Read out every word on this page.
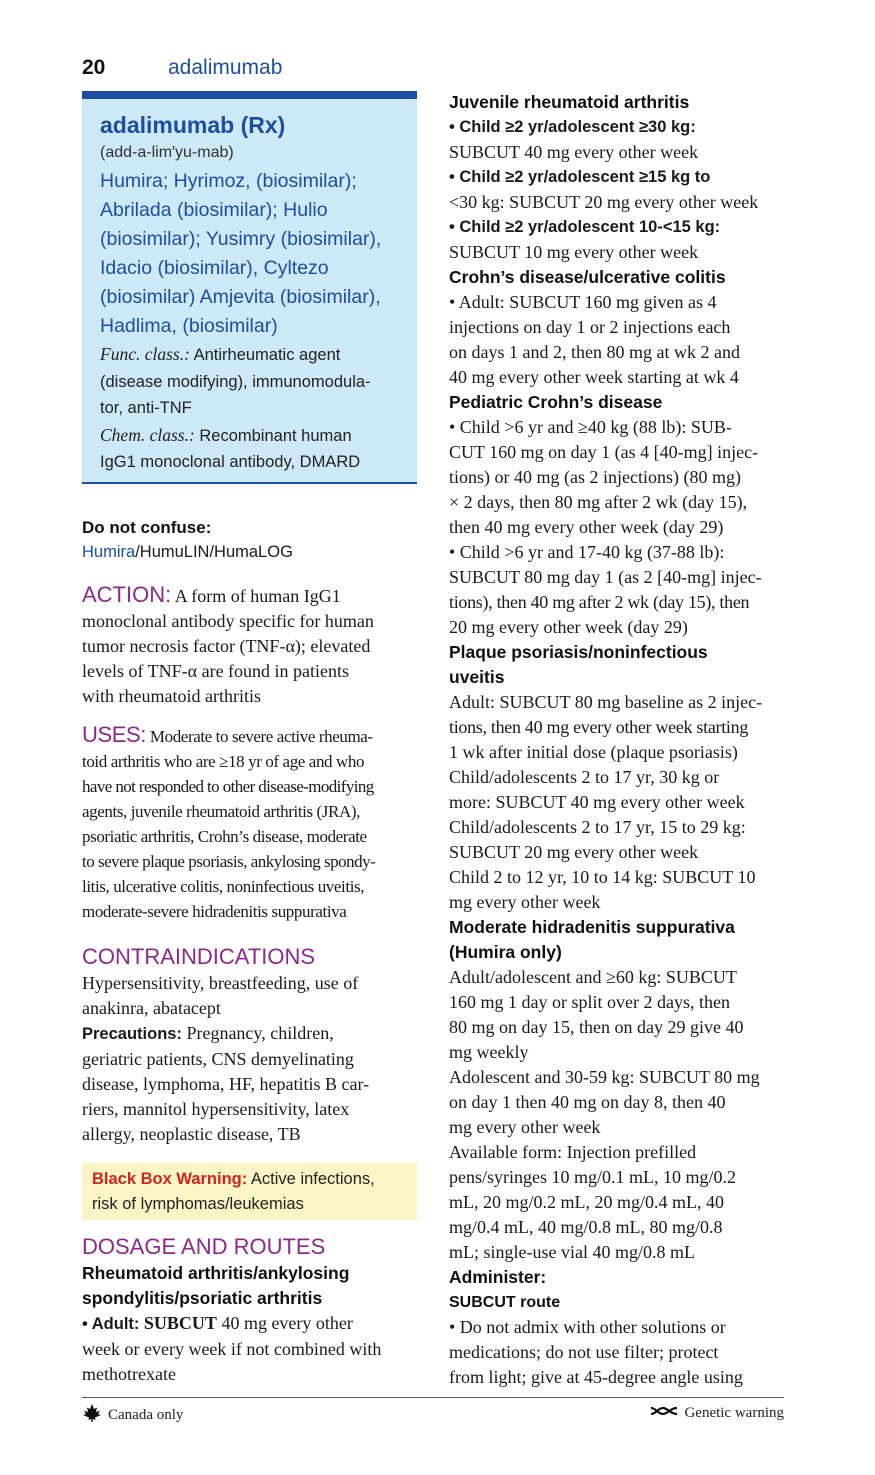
20	adalimumab
adalimumab (Rx)
(add-a-lim′yu-mab)
Humira; Hyrimoz, (biosimilar);
Abrilada (biosimilar); Hulio
(biosimilar); Yusimry (biosimilar),
Idacio (biosimilar), Cyltezo
(biosimilar) Amjevita (biosimilar),
Hadlima, (biosimilar)
Func. class.: Antirheumatic agent
(disease modifying), immunomodula-
tor, anti-TNF
Chem. class.: Recombinant human
IgG1 monoclonal antibody, DMARD
Do not confuse:
Humira/HumuLIN/HumaLOG
ACTION: A form of human IgG1
monoclonal antibody specific for human
tumor necrosis factor (TNF-α); elevated
levels of TNF-α are found in patients
with rheumatoid arthritis
USES: Moderate to severe active rheuma-
toid arthritis who are ≥18 yr of age and who
have not responded to other disease-modifying
agents, juvenile rheumatoid arthritis (JRA),
psoriatic arthritis, Crohn’s disease, moderate
to severe plaque psoriasis, ankylosing spondy-
litis, ulcerative colitis, noninfectious uveitis,
moderate-severe hidradenitis suppurativa
CONTRAINDICATIONS
Hypersensitivity, breastfeeding, use of
anakinra, abatacept
Precautions: Pregnancy, children,
geriatric patients, CNS demyelinating
disease, lymphoma, HF, hepatitis B car-
riers, mannitol hypersensitivity, latex
allergy, neoplastic disease, TB
Black Box Warning: Active infections,
risk of lymphomas/leukemias
DOSAGE AND ROUTES
Rheumatoid arthritis/ankylosing
spondylitis/psoriatic arthritis
• Adult: SUBCUT 40 mg every other
week or every week if not combined with
methotrexate
Juvenile rheumatoid arthritis
• Child ≥2 yr/adolescent ≥30 kg:
SUBCUT 40 mg every other week
• Child ≥2 yr/adolescent ≥15 kg to
<30 kg: SUBCUT 20 mg every other week
• Child ≥2 yr/adolescent 10-<15 kg:
SUBCUT 10 mg every other week
Crohn’s disease/ulcerative colitis
• Adult: SUBCUT 160 mg given as 4
injections on day 1 or 2 injections each
on days 1 and 2, then 80 mg at wk 2 and
40 mg every other week starting at wk 4
Pediatric Crohn’s disease
• Child >6 yr and ≥40 kg (88 lb): SUB-
CUT 160 mg on day 1 (as 4 [40-mg] injec-
tions) or 40 mg (as 2 injections) (80 mg)
× 2 days, then 80 mg after 2 wk (day 15),
then 40 mg every other week (day 29)
• Child >6 yr and 17-40 kg (37-88 lb):
SUBCUT 80 mg day 1 (as 2 [40-mg] injec-
tions), then 40 mg after 2 wk (day 15), then
20 mg every other week (day 29)
Plaque psoriasis/noninfectious
uveitis
Adult: SUBCUT 80 mg baseline as 2 injec-
tions, then 40 mg every other week starting
1 wk after initial dose (plaque psoriasis)
Child/adolescents 2 to 17 yr, 30 kg or
more: SUBCUT 40 mg every other week
Child/adolescents 2 to 17 yr, 15 to 29 kg:
SUBCUT 20 mg every other week
Child 2 to 12 yr, 10 to 14 kg: SUBCUT 10
mg every other week
Moderate hidradenitis suppurativa
(Humira only)
Adult/adolescent and ≥60 kg: SUBCUT
160 mg 1 day or split over 2 days, then
80 mg on day 15, then on day 29 give 40
mg weekly
Adolescent and 30-59 kg: SUBCUT 80 mg
on day 1 then 40 mg on day 8, then 40
mg every other week
Available form: Injection prefilled
pens/syringes 10 mg/0.1 mL, 10 mg/0.2
mL, 20 mg/0.2 mL, 20 mg/0.4 mL, 40
mg/0.4 mL, 40 mg/0.8 mL, 80 mg/0.8
mL; single-use vial 40 mg/0.8 mL
Administer:
SUBCUT route
• Do not admix with other solutions or
medications; do not use filter; protect
from light; give at 45-degree angle using
Canada only	Genetic warning
